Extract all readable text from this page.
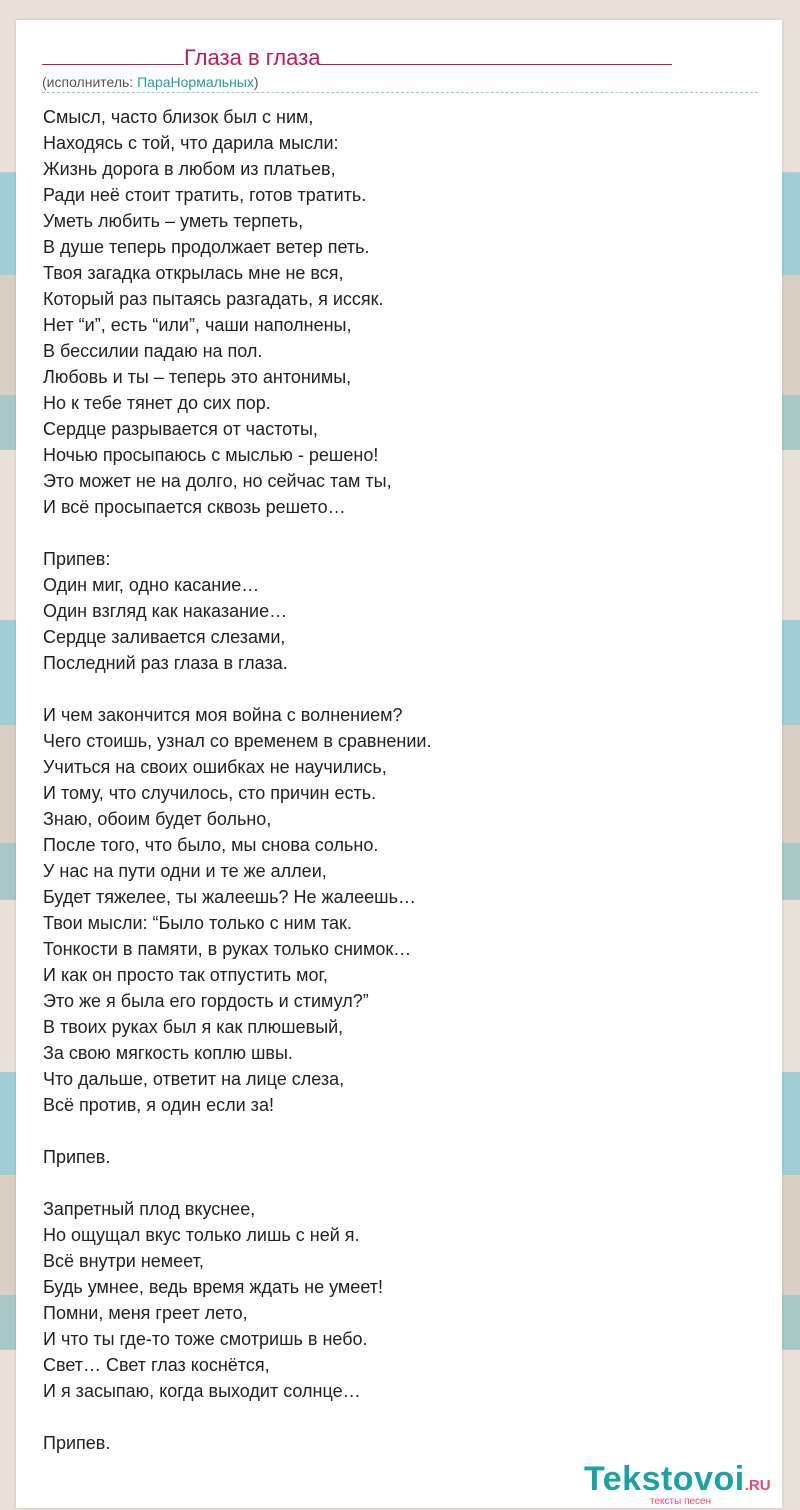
Глаза в глаза
(исполнитель: ПараНормальных)
Смысл, часто близок был с ним,
Находясь с той, что дарила мысли:
Жизнь дорога в любом из платьев,
Ради неё стоит тратить, готов тратить.
Уметь любить – уметь терпеть,
В душе теперь продолжает ветер петь.
Твоя загадка открылась мне не вся,
Который раз пытаясь разгадать, я иссяк.
Нет “и”, есть “или”, чаши наполнены,
В бессилии падаю на пол.
Любовь и ты – теперь это антонимы,
Но к тебе тянет до сих пор.
Сердце разрывается от частоты,
Ночью просыпаюсь с мыслью - решено!
Это может не на долго, но сейчас там ты,
И всё просыпается сквозь решето…
Припев:
Один миг, одно касание…
Один взгляд как наказание…
Сердце заливается слезами,
Последний раз глаза в глаза.
И чем закончится моя война с волнением?
Чего стоишь, узнал со временем в сравнении.
Учиться на своих ошибках не научились,
И тому, что случилось, сто причин есть.
Знаю, обоим будет больно,
После того, что было, мы снова сольно.
У нас на пути одни и те же аллеи,
Будет тяжелее, ты жалеешь? Не жалеешь…
Твои мысли: “Было только с ним так.
Тонкости в памяти, в руках только снимок…
И как он просто так отпустить мог,
Это же я была его гордость и стимул?”
В твоих руках был я как плюшевый,
За свою мягкость коплю швы.
Что дальше, ответит на лице слеза,
Всё против, я один если за!
Припев.
Запретный плод вкуснее,
Но ощущал вкус только лишь с ней я.
Всё внутри немеет,
Будь умнее, ведь время ждать не умеет!
Помни, меня греет лето,
И что ты где-то тоже смотришь в небо.
Свет… Свет глаз коснётся,
И я засыпаю, когда выходит солнце…
Припев.
Tekstovoi.RU
тексты песен
